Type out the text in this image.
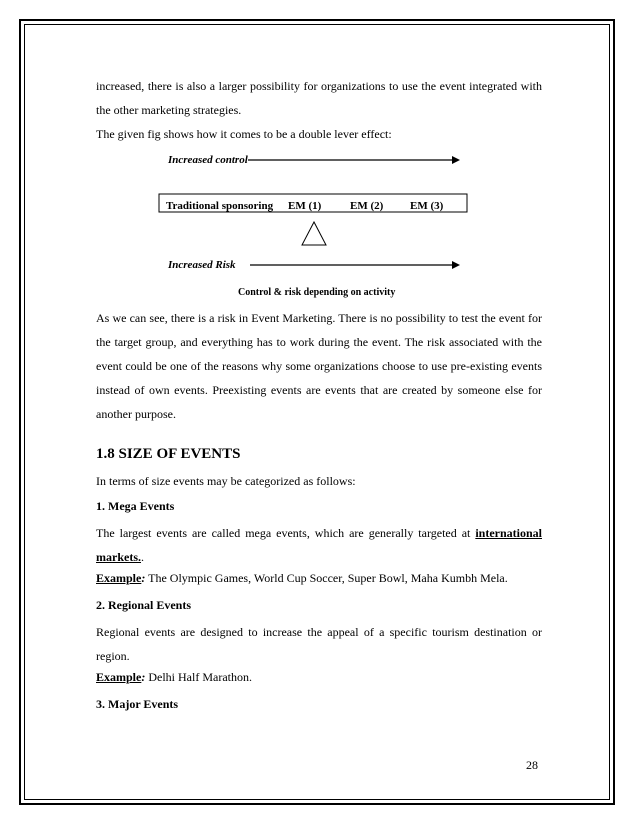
increased, there is also a larger possibility for organizations to use the event integrated with the other marketing strategies.

The given fig shows how it comes to be a double lever effect:

Increased control
Traditional sponsoring EM (1)	EM (2) EM (3)
Increased Risk
Control & risk depending on activity

As we can see, there is a risk in Event Marketing. There is no possibility to test the event for the target group, and everything has to work during the event. The risk associated with the event could be one of the reasons why some organizations choose to use pre-existing events instead of own events. Preexisting events are events that are created by someone else for another purpose.

1.8 SIZE OF EVENTS

In terms of size events may be categorized as follows:

1. Mega Events

The largest events are called mega events, which are generally targeted at international markets..

Example: The Olympic Games, World Cup Soccer, Super Bowl, Maha Kumbh Mela.

2. Regional Events

Regional events are designed to increase the appeal of a specific tourism destination or region.

Example: Delhi Half Marathon.

3. Major Events

28
